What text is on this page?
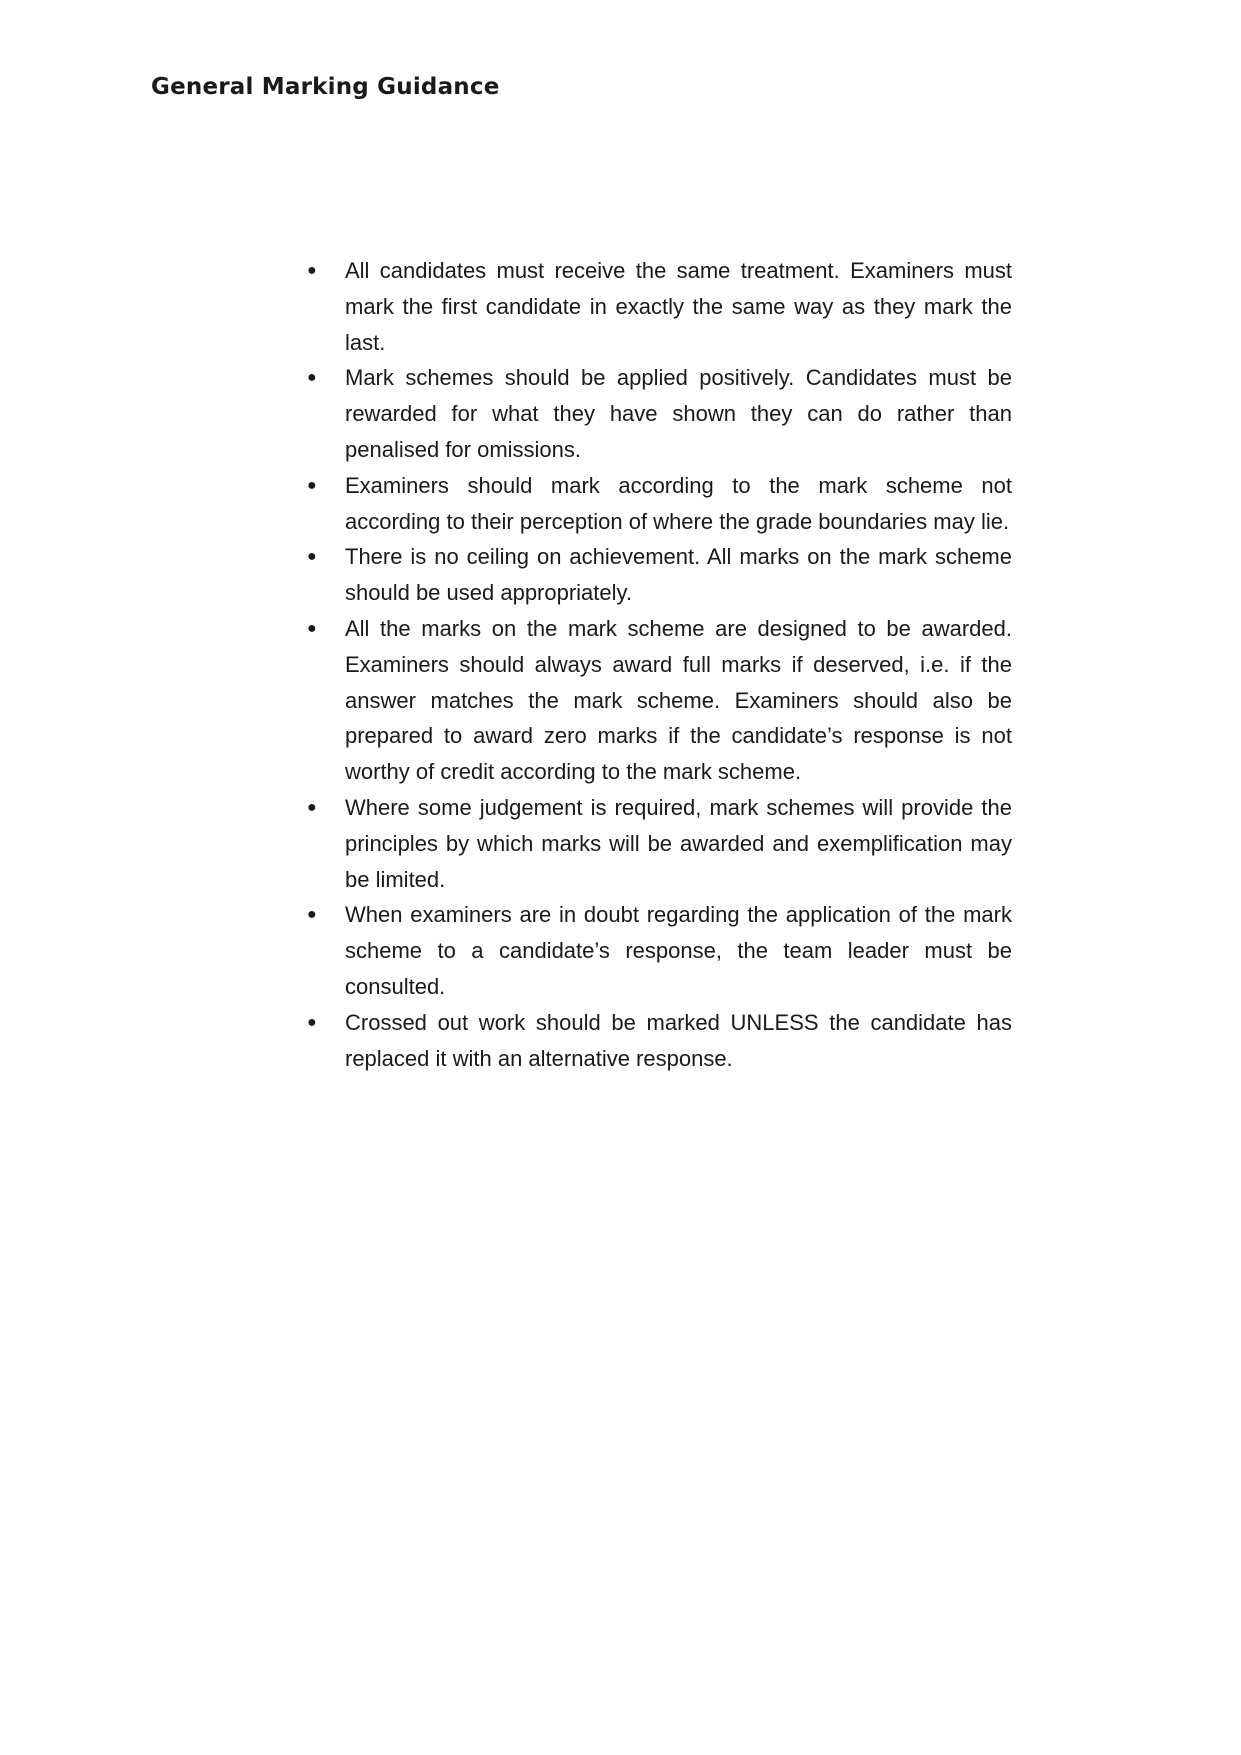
General Marking Guidance
● All candidates must receive the same treatment. Examiners must mark the first candidate in exactly the same way as they mark the last.
● Mark schemes should be applied positively. Candidates must be rewarded for what they have shown they can do rather than penalised for omissions.
● Examiners should mark according to the mark scheme not according to their perception of where the grade boundaries may lie.
● There is no ceiling on achievement. All marks on the mark scheme should be used appropriately.
● All the marks on the mark scheme are designed to be awarded. Examiners should always award full marks if deserved, i.e. if the answer matches the mark scheme. Examiners should also be prepared to award zero marks if the candidate’s response is not worthy of credit according to the mark scheme.
● Where some judgement is required, mark schemes will provide the principles by which marks will be awarded and exemplification may be limited.
● When examiners are in doubt regarding the application of the mark scheme to a candidate’s response, the team leader must be consulted.
● Crossed out work should be marked UNLESS the candidate has replaced it with an alternative response.
